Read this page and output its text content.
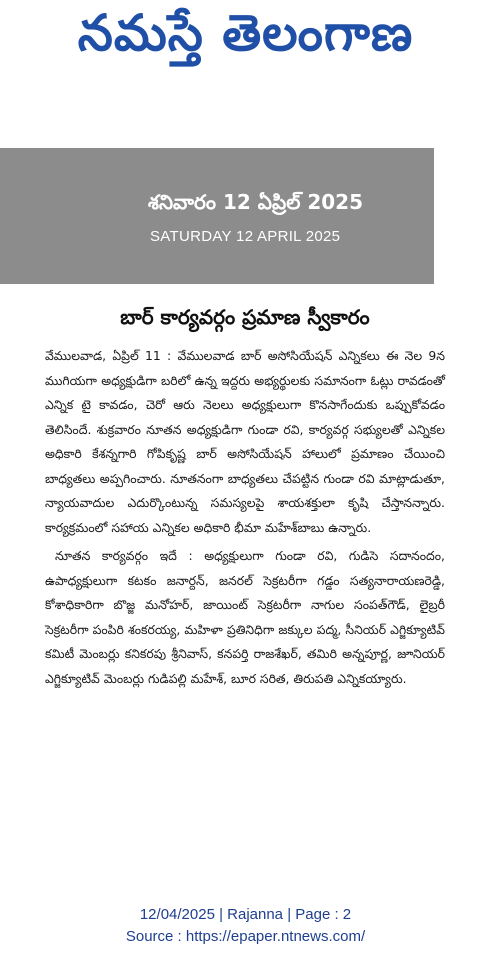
నమస్తే తెలంగాణ
శనివారం 12 ఏప్రిల్ 2025
SATURDAY 12 APRIL 2025
బార్ కార్యవర్గం ప్రమాణ స్వీకారం

వేములవాడ, ఏప్రిల్ 11 : వేములవాడ బార్ అసోసియేషన్ ఎన్నికలు ఈ నెల 9న ముగియగా అధ్యక్షుడిగా బరిలో ఉన్న ఇద్దరు అభ్యర్థులకు సమానంగా ఓట్లు రావడంతో ఎన్నిక టై కావడం, చెరో ఆరు నెలలు అధ్యక్షులుగా కొనసాగేందుకు ఒప్పుకోవడం తెలిసిందే. శుక్రవారం నూతన అధ్యక్షుడిగా గుండా రవి, కార్యవర్గ సభ్యులతో ఎన్నికల అధికారి కేశన్నగారి గోపికృష్ణ బార్ అసోసియేషన్ హాలులో ప్రమాణం చేయించి బాధ్యతలు అప్పగించారు. నూతనంగా బాధ్యతలు చేపట్టిన గుండా రవి మాట్లాడుతూ, న్యాయవాదుల ఎదుర్కొంటున్న సమస్యలపై శాయశక్తులా కృషి చేస్తానన్నారు. కార్యక్రమంలో సహాయ ఎన్నికల అధికారి భీమా మహేశ్‌బాబు ఉన్నారు.

నూతన కార్యవర్గం ఇదే : అధ్యక్షులుగా గుండా రవి, గుడిసె సదానందం, ఉపాధ్యక్షులుగా కటకం జనార్దన్, జనరల్ సెక్రటరీగా గడ్డం సత్యనారాయణరెడ్డి, కోశాధికారిగా బొజ్జ మనోహర్, జాయింట్ సెక్రటరీగా నాగుల సంపత్‌గౌడ్, లైబ్రరీ సెక్రటరీగా పంపిరి శంకరయ్య, మహిళా ప్రతినిధిగా జక్కుల పద్మ, సీనియర్ ఎగ్జిక్యూటివ్ కమిటీ మెంబర్లు కనికరపు శ్రీనివాస్, కనపర్తి రాజశేఖర్, తమిరి అన్నపూర్ణ, జూనియర్ ఎగ్జిక్యూటివ్ మెంబర్లు గుడిపల్లి మహేశ్, బూర సరిత, తిరుపతి ఎన్నికయ్యారు.

12/04/2025 | Rajanna | Page : 2
Source : https://epaper.ntnews.com/
